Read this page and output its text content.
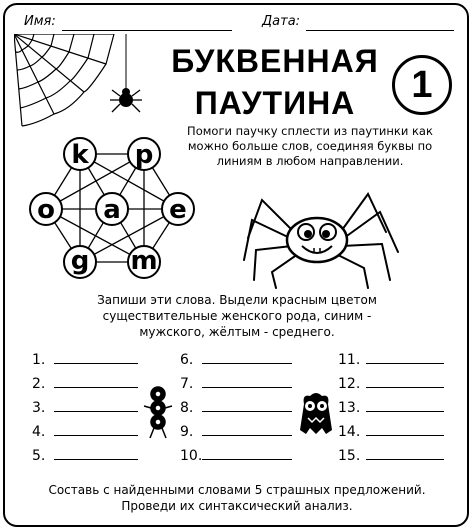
Имя:	Дата:
БУКВЕННАЯ
ПАУТИНА	1
Помоги паучку сплести из паутинки как
можно больше слов, соединяя буквы по
линиям в любом направлении.
k p
o a e
g m
Запиши эти слова. Выдели красным цветом
существительные женского рода, синим -
мужского, жёлтым - среднего.
1.
2.
3.
4.
5.
6.
7.
8.
9.
10.
11.
12.
13.
14.
15.
Составь с найденными словами 5 страшных предложений.
Проведи их синтаксический анализ.
